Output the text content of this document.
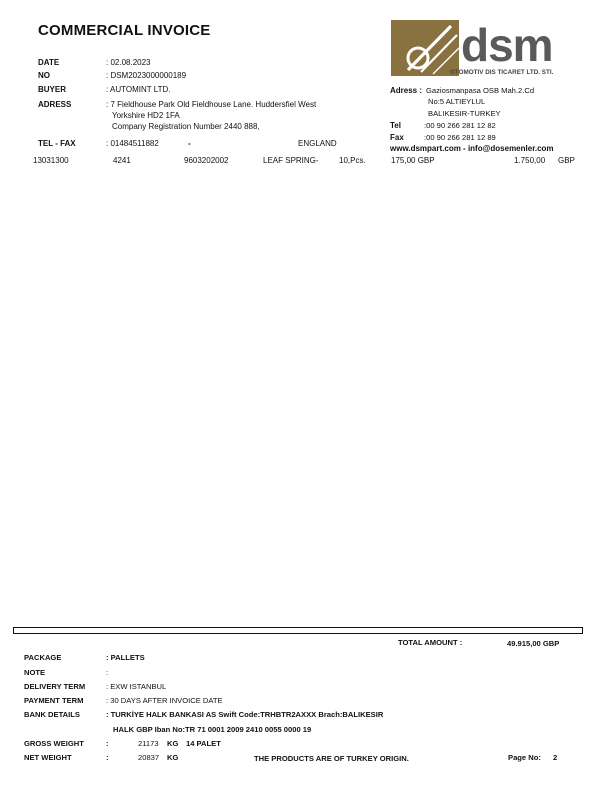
COMMERCIAL INVOICE
DATE	: 02.08.2023
NO	: DSM2023000000189
BUYER	: AUTOMINT LTD.
ADRESS	: 7 Fieldhouse Park Old Fieldhouse Lane. Huddersfiel West
Yorkshire HD2 1FA
Company Registration Number 2440 888,
TEL - FAX	: 01484511882	-	ENGLAND
dsm
OTOMOTIV DIS TICARET LTD. STI.
Adress : Gaziosmanpasa OSB Mah.2.Cd
No:5 ALTIEYLUL
BALIKESIR-TURKEY
Tel	:00 90 266 281 12 82
Fax	:00 90 266 281 12 89
www.dsmpart.com - info@dosemenler.com
13031300	4241	9603202002	LEAF SPRING-	10,Pcs.	175,00 GBP	1.750,00 GBP
TOTAL AMOUNT :	49.915,00 GBP
PACKAGE	: PALLETS
NOTE	:
DELIVERY TERM	: EXW ISTANBUL
PAYMENT TERM	: 30 DAYS AFTER INVOICE DATE
BANK DETAILS	: TURKİYE HALK BANKASI AS Swift Code:TRHBTR2AXXX Brach:BALIKESIR
HALK GBP Iban No:TR 71 0001 2009 2410 0055 0000 19
GROSS WEIGHT	:	21173 KG 14 PALET
NET WEIGHT	:	20837 KG	THE PRODUCTS ARE OF TURKEY ORIGIN.	Page No: 2
